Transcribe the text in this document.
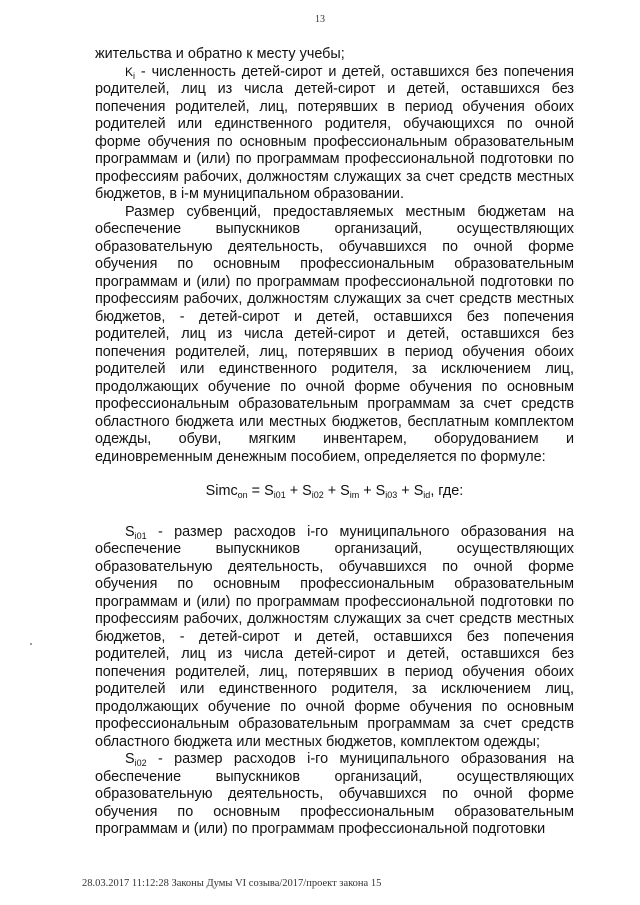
13

жительства и обратно к месту учебы;

$K_i$ - численность детей-сирот и детей, оставшихся без попечения родителей, лиц из числа детей-сирот и детей, оставшихся без попечения родителей, лиц, потерявших в период обучения обоих родителей или единственного родителя, обучающихся по очной форме обучения по основным профессиональным образовательным программам и (или) по программам профессиональной подготовки по профессиям рабочих, должностям служащих за счет средств местных бюджетов, в i-м муниципальном образовании.

Размер субвенций, предоставляемых местным бюджетам на обеспечение выпускников организаций, осуществляющих образовательную деятельность, обучавшихся по очной форме обучения по основным профессиональным образовательным программам и (или) по программам профессиональной подготовки по профессиям рабочих, должностям служащих за счет средств местных бюджетов, - детей-сирот и детей, оставшихся без попечения родителей, лиц из числа детей-сирот и детей, оставшихся без попечения родителей, лиц, потерявших в период обучения обоих родителей или единственного родителя, за исключением лиц, продолжающих обучение по очной форме обучения по основным профессиональным образовательным программам за счет средств областного бюджета или местных бюджетов, бесплатным комплектом одежды, обуви, мягким инвентарем, оборудованием и единовременным денежным пособием, определяется по формуле:

Simc$_{on}$ = $S_{i01} + S_{i02} + S_{im} + S_{i03} + S_{id}$, где:

$S_{i01}$ - размер расходов i-го муниципального образования на обеспечение выпускников организаций, осуществляющих образовательную деятельность, обучавшихся по очной форме обучения по основным профессиональным образовательным программам и (или) по программам профессиональной подготовки по профессиям рабочих, должностям служащих за счет средств местных бюджетов, - детей-сирот и детей, оставшихся без попечения родителей, лиц из числа детей-сирот и детей, оставшихся без попечения родителей, лиц, потерявших в период обучения обоих родителей или единственного родителя, за исключением лиц, продолжающих обучение по очной форме обучения по основным профессиональным образовательным программам за счет средств областного бюджета или местных бюджетов, комплектом одежды;

$S_{i02}$ - размер расходов i-го муниципального образования на обеспечение выпускников организаций, осуществляющих образовательную деятельность, обучавшихся по очной форме обучения по основным профессиональным образовательным программам и (или) по программам профессиональной подготовки

28.03.2017 11:12:28 Законы Думы VI созыва/2017/проект закона 15
